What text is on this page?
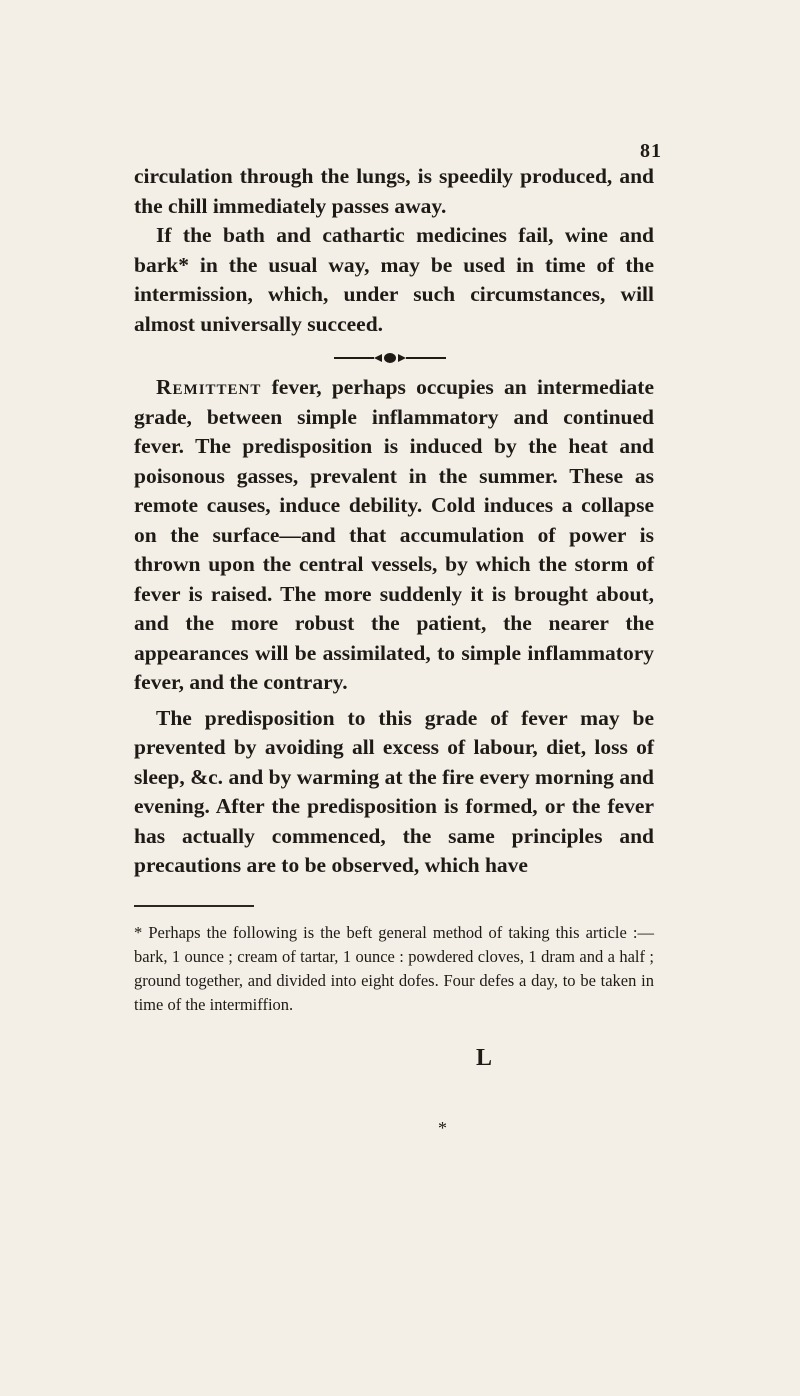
81

circulation through the lungs, is speedily produced, and the chill immediately passes away.

If the bath and cathartic medicines fail, wine and bark* in the usual way, may be used in time of the intermission, which, under such circumstances, will almost universally succeed.

Remittent fever, perhaps occupies an intermediate grade, between simple inflammatory and continued fever. The predisposition is induced by the heat and poisonous gasses, prevalent in the summer. These as remote causes, induce debility. Cold induces a collapse on the surface—and that accumulation of power is thrown upon the central vessels, by which the storm of fever is raised. The more suddenly it is brought about, and the more robust the patient, the nearer the appearances will be assimilated, to simple inflammatory fever, and the contrary.

The predisposition to this grade of fever may be prevented by avoiding all excess of labour, diet, loss of sleep, &c. and by warming at the fire every morning and evening. After the predisposition is formed, or the fever has actually commenced, the same principles and precautions are to be observed, which have

* Perhaps the following is the beft general method of taking this article :—bark, 1 ounce ; cream of tartar, 1 ounce : powdered cloves, 1 dram and a half ; ground together, and divided into eight dofes. Four defes a day, to be taken in time of the intermiffion.

L
*
